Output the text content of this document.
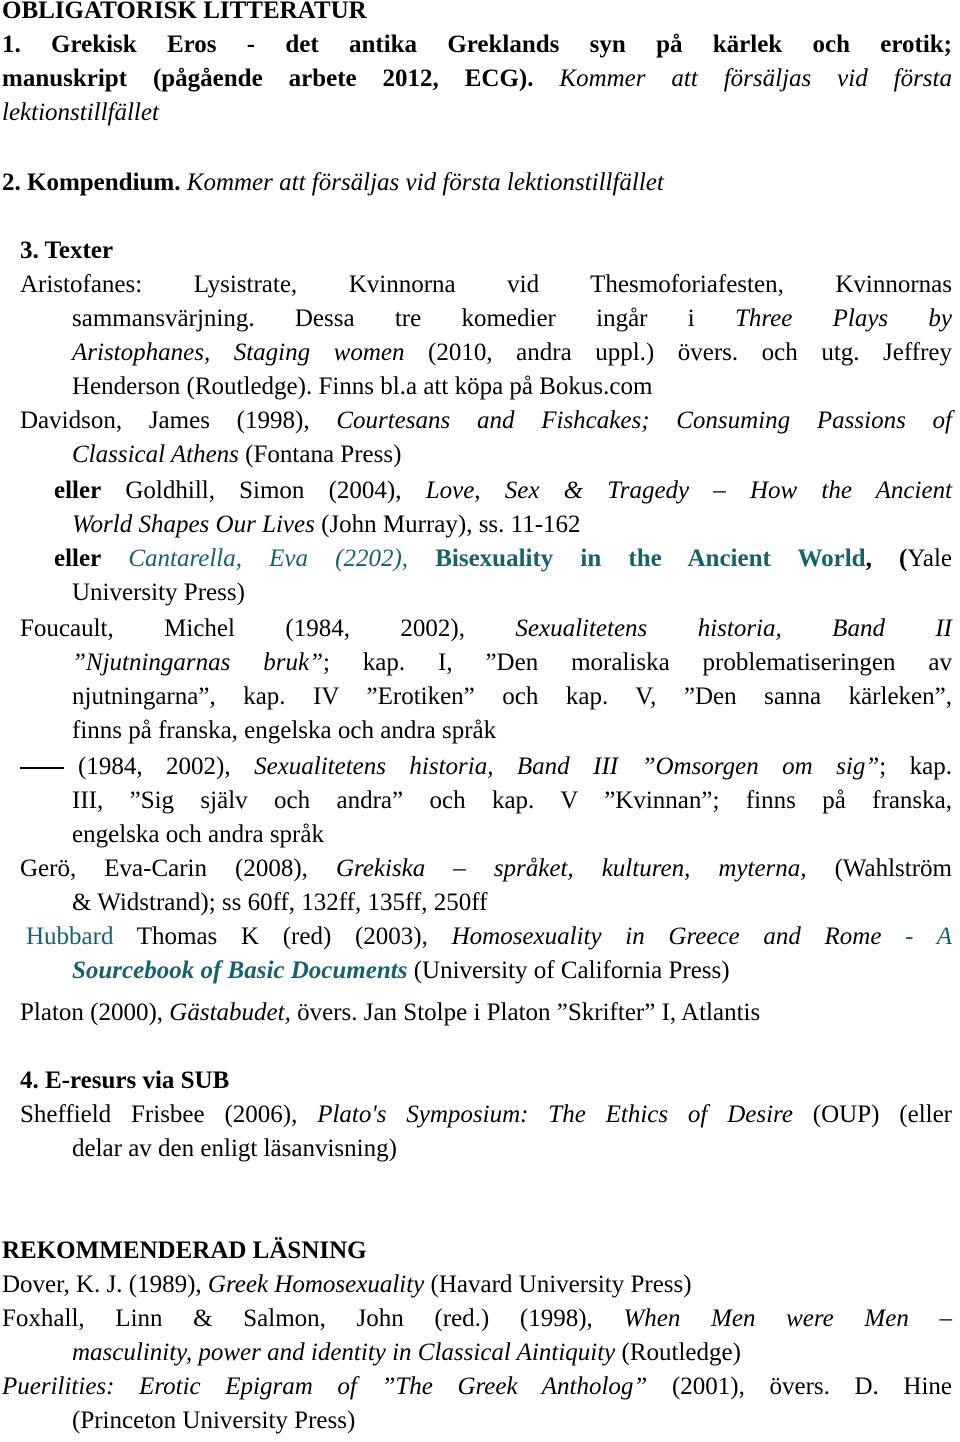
OBLIGATORISK LITTERATUR
1. Grekisk Eros - det antika Greklands syn på kärlek och erotik;
manuskript (pågående arbete 2012, ECG). Kommer att försäljas vid första
lektionstillfället
2. Kompendium. Kommer att försäljas vid första lektionstillfället
3. Texter
Aristofanes: Lysistrate, Kvinnorna vid Thesmoforiafesten, Kvinnornas
sammansvärjning. Dessa tre komedier ingår i Three Plays by
Aristophanes, Staging women (2010, andra uppl.) övers. och utg. Jeffrey
Henderson (Routledge). Finns bl.a att köpa på Bokus.com
Davidson, James (1998), Courtesans and Fishcakes; Consuming Passions of
Classical Athens (Fontana Press)
eller Goldhill, Simon (2004), Love, Sex & Tragedy – How the Ancient
World Shapes Our Lives (John Murray), ss. 11-162
eller Cantarella, Eva (2202), Bisexuality in the Ancient World, (Yale
University Press)
Foucault, Michel (1984, 2002), Sexualitetens historia, Band II
”Njutningarnas bruk”; kap. I, ”Den moraliska problematiseringen av
njutningarna”, kap. IV ”Erotiken” och kap. V, ”Den sanna kärleken”,
finns på franska, engelska och andra språk
(1984, 2002), Sexualitetens historia, Band III ”Omsorgen om sig”; kap.
III, ”Sig själv och andra” och kap. V ”Kvinnan”; finns på franska,
engelska och andra språk
Gerö, Eva-Carin (2008), Grekiska – språket, kulturen, myterna, (Wahlström
& Widstrand); ss 60ff, 132ff, 135ff, 250ff
Hubbard Thomas K (red) (2003), Homosexuality in Greece and Rome - A
Sourcebook of Basic Documents (University of California Press)
Platon (2000), Gästabudet, övers. Jan Stolpe i Platon ”Skrifter” I, Atlantis
4. E-resurs via SUB
Sheffield Frisbee (2006), Plato's Symposium: The Ethics of Desire (OUP) (eller
delar av den enligt läsanvisning)
REKOMMENDERAD LÄSNING
Dover, K. J. (1989), Greek Homosexuality (Havard University Press)
Foxhall, Linn & Salmon, John (red.) (1998), When Men were Men –
masculinity, power and identity in Classical Aintiquity (Routledge)
Puerilities: Erotic Epigram of ”The Greek Antholog” (2001), övers. D. Hine
(Princeton University Press)
